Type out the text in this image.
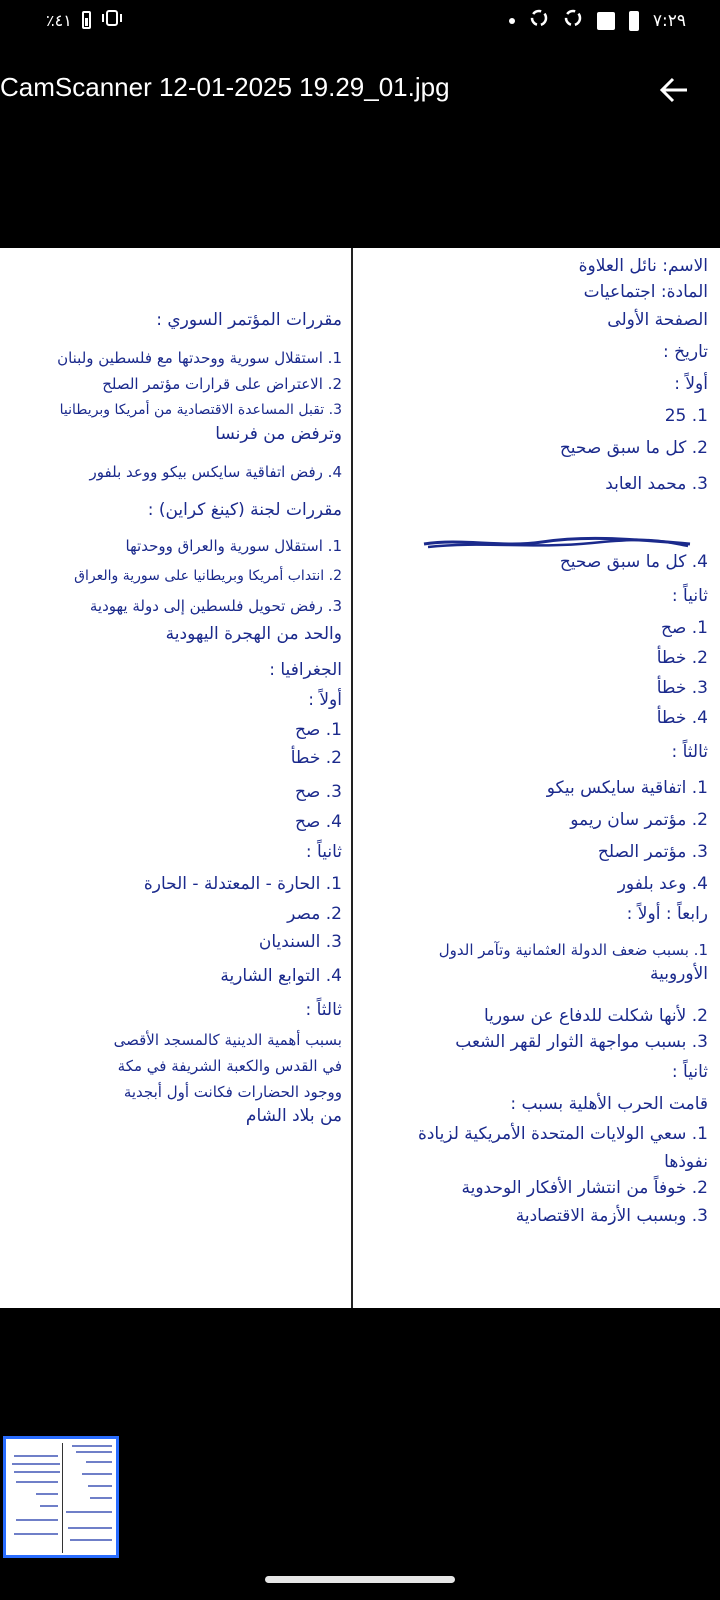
٪٤١	٧:٢٩
CamScanner 12-01-2025 19.29_01.jpg
الاسم: نائل العلاوة
المادة: اجتماعيات
الصفحة الأولى
تاريخ :
أولاً :
1. 25
2. كل ما سبق صحيح
3. محمد العابد
4. كل ما سبق صحيح
ثانياً :
1. صح
2. خطأ
3. خطأ
4. خطأ
ثالثاً :
1. اتفاقية سايكس بيكو
2. مؤتمر سان ريمو
3. مؤتمر الصلح
4. وعد بلفور
رابعاً : أولاً :
1. بسبب ضعف الدولة العثمانية وتآمر الدول
الأوروبية
2. لأنها شكلت للدفاع عن سوريا
3. بسبب مواجهة الثوار لقهر الشعب
ثانياً :
قامت الحرب الأهلية بسبب :
1. سعي الولايات المتحدة الأمريكية لزيادة
نفوذها
2. خوفاً من انتشار الأفكار الوحدوية
3. وبسبب الأزمة الاقتصادية
مقررات المؤتمر السوري :
1. استقلال سورية ووحدتها مع فلسطين ولبنان
2. الاعتراض على قرارات مؤتمر الصلح
3. تقبل المساعدة الاقتصادية من أمريكا وبريطانيا
وترفض من فرنسا
4. رفض اتفاقية سايكس بيكو ووعد بلفور
مقررات لجنة (كينغ كراين) :
1. استقلال سورية والعراق ووحدتها
2. انتداب أمريكا وبريطانيا على سورية والعراق
3. رفض تحويل فلسطين إلى دولة يهودية
والحد من الهجرة اليهودية
الجغرافيا :
أولاً :
1. صح
2. خطأ
3. صح
4. صح
ثانياً :
1. الحارة - المعتدلة - الحارة
2. مصر
3. السنديان
4. التوابع الشارية
ثالثاً :
بسبب أهمية الدينية كالمسجد الأقصى
في القدس والكعبة الشريفة في مكة
ووجود الحضارات فكانت أول أبجدية
من بلاد الشام
